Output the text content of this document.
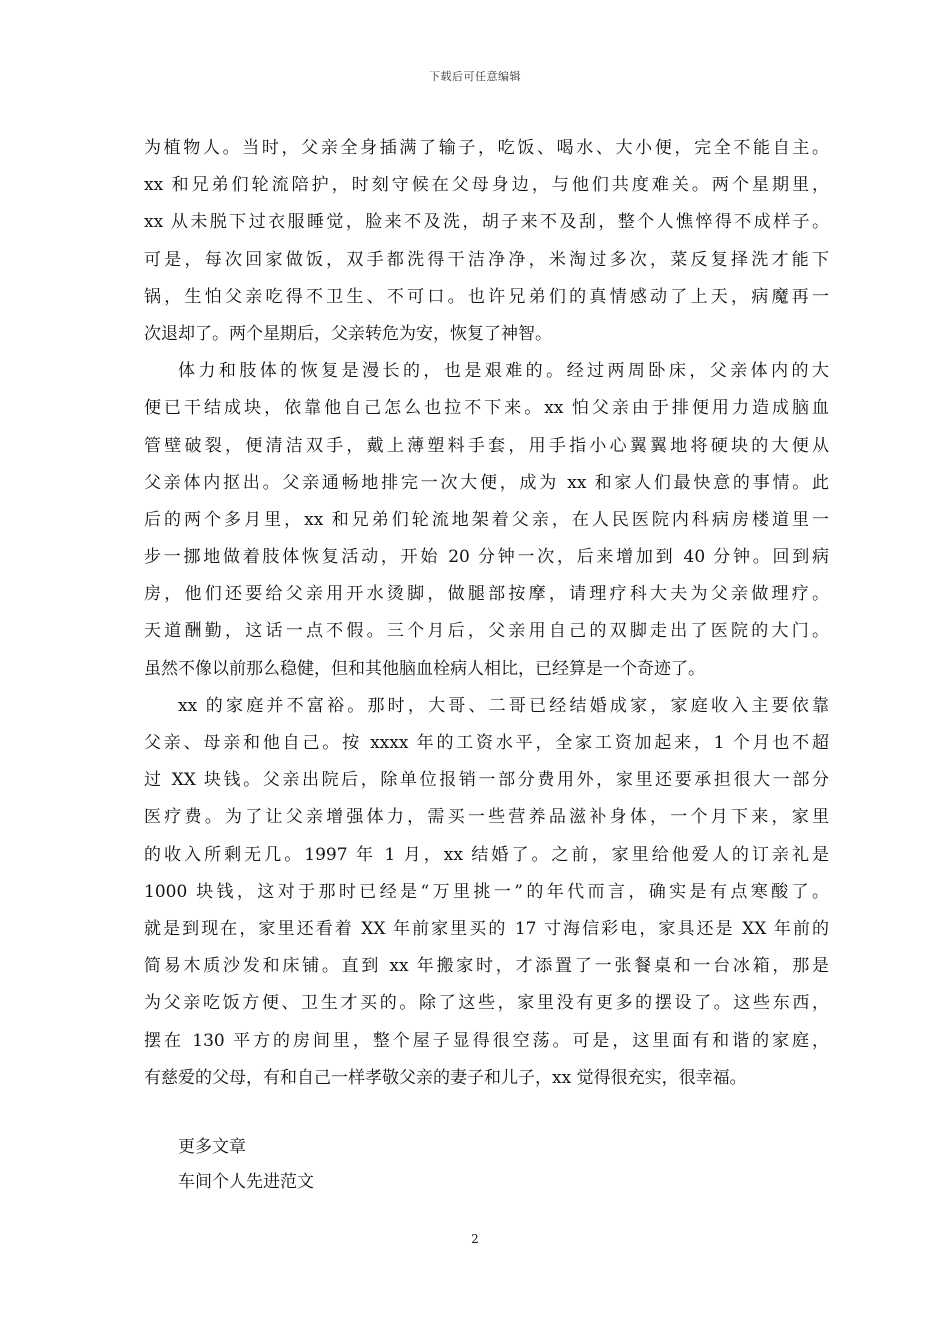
下载后可任意编辑
为植物人。当时，父亲全身插满了输子，吃饭、喝水、大小便，完全不能自主。
xx 和兄弟们轮流陪护，时刻守候在父母身边，与他们共度难关。两个星期里，
xx 从未脱下过衣服睡觉，脸来不及洗，胡子来不及刮，整个人憔悴得不成样子。
可是，每次回家做饭，双手都洗得干洁净净，米淘过多次，菜反复择洗才能下
锅，生怕父亲吃得不卫生、不可口。也许兄弟们的真情感动了上天，病魔再一
次退却了。两个星期后，父亲转危为安，恢复了神智。
体力和肢体的恢复是漫长的，也是艰难的。经过两周卧床，父亲体内的大
便已干结成块，依靠他自己怎么也拉不下来。xx 怕父亲由于排便用力造成脑血
管壁破裂，便清洁双手，戴上薄塑料手套，用手指小心翼翼地将硬块的大便从
父亲体内抠出。父亲通畅地排完一次大便，成为 xx 和家人们最快意的事情。此
后的两个多月里，xx 和兄弟们轮流地架着父亲，在人民医院内科病房楼道里一
步一挪地做着肢体恢复活动，开始 20 分钟一次，后来增加到 40 分钟。回到病
房，他们还要给父亲用开水烫脚，做腿部按摩，请理疗科大夫为父亲做理疗。
天道酬勤，这话一点不假。三个月后，父亲用自己的双脚走出了医院的大门。
虽然不像以前那么稳健，但和其他脑血栓病人相比，已经算是一个奇迹了。
xx 的家庭并不富裕。那时，大哥、二哥已经结婚成家，家庭收入主要依靠
父亲、母亲和他自己。按 xxxx 年的工资水平，全家工资加起来，1 个月也不超
过 XX 块钱。父亲出院后，除单位报销一部分费用外，家里还要承担很大一部分
医疗费。为了让父亲增强体力，需买一些营养品滋补身体，一个月下来，家里
的收入所剩无几。1997 年 1 月，xx 结婚了。之前，家里给他爱人的订亲礼是
1000 块钱，这对于那时已经是“万里挑一”的年代而言，确实是有点寒酸了。
就是到现在，家里还看着 XX 年前家里买的 17 寸海信彩电，家具还是 XX 年前的
简易木质沙发和床铺。直到 xx 年搬家时，才添置了一张餐桌和一台冰箱，那是
为父亲吃饭方便、卫生才买的。除了这些，家里没有更多的摆设了。这些东西，
摆在 130 平方的房间里，整个屋子显得很空荡。可是，这里面有和谐的家庭，
有慈爱的父母，有和自己一样孝敬父亲的妻子和儿子，xx 觉得很充实，很幸福。
更多文章
车间个人先进范文
2
